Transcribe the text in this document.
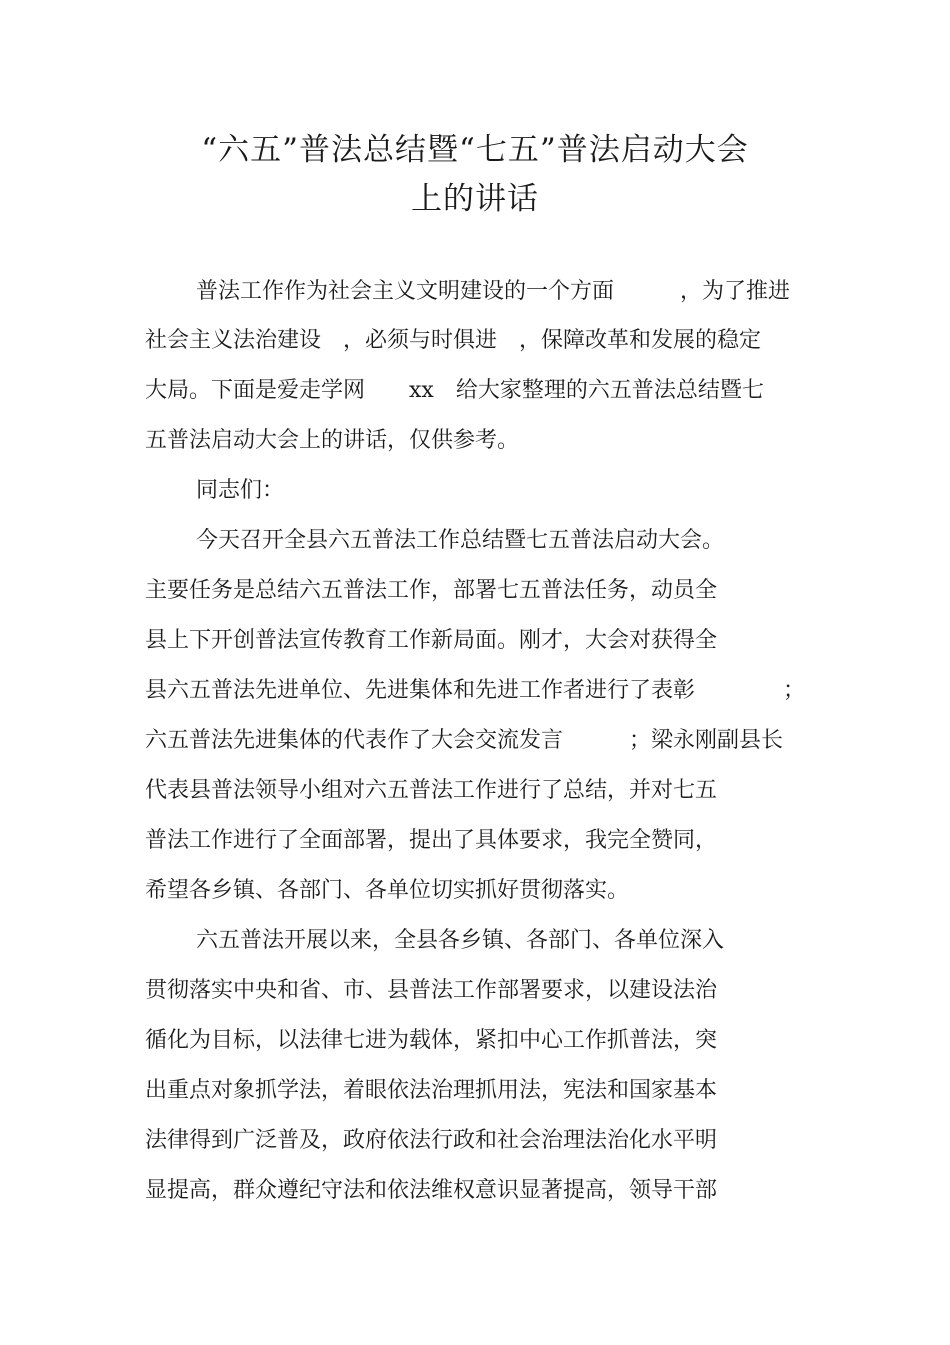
“六五”普法总结暨“七五”普法启动大会
上的讲话
普法工作作为社会主义文明建设的一个方面　　　，为了推进
社会主义法治建设　，必须与时俱进　，保障改革和发展的稳定
大局。下面是爱走学网　　xx　给大家整理的六五普法总结暨七
五普法启动大会上的讲话，仅供参考。
同志们：
今天召开全县六五普法工作总结暨七五普法启动大会。
主要任务是总结六五普法工作，部署七五普法任务，动员全
县上下开创普法宣传教育工作新局面。刚才，大会对获得全
县六五普法先进单位、先进集体和先进工作者进行了表彰　　　　；
六五普法先进集体的代表作了大会交流发言　　　；梁永刚副县长
代表县普法领导小组对六五普法工作进行了总结，并对七五
普法工作进行了全面部署，提出了具体要求，我完全赞同，
希望各乡镇、各部门、各单位切实抓好贯彻落实。
六五普法开展以来，全县各乡镇、各部门、各单位深入
贯彻落实中央和省、市、县普法工作部署要求，以建设法治
循化为目标，以法律七进为载体，紧扣中心工作抓普法，突
出重点对象抓学法，着眼依法治理抓用法，宪法和国家基本
法律得到广泛普及，政府依法行政和社会治理法治化水平明
显提高，群众遵纪守法和依法维权意识显著提高，领导干部
